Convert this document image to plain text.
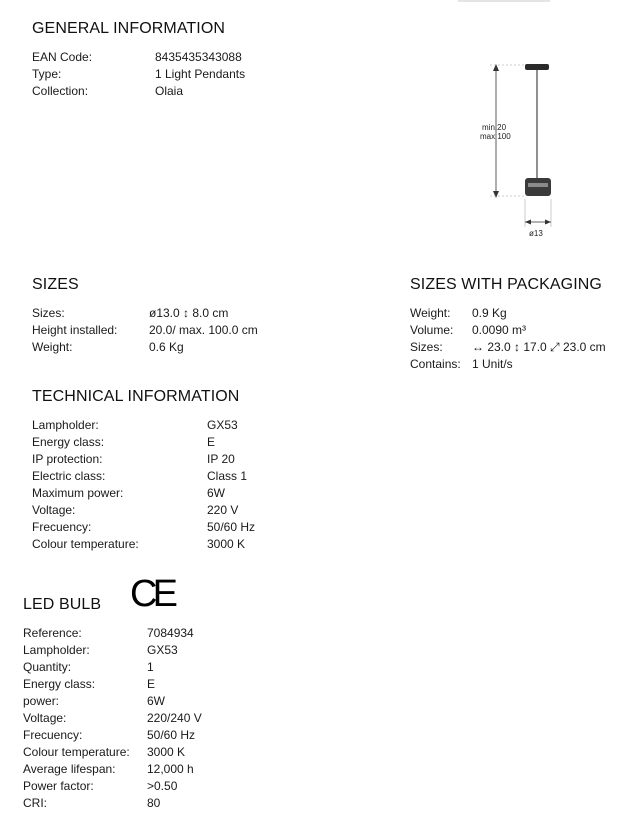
GENERAL INFORMATION
EAN Code:	8435435343088
Type:	1 Light Pendants
Collection:	Olaia
min.20
max 100
ø13
SIZES
Sizes:	ø13.0 ↕ 8.0 cm
Height installed:	20.0/ max. 100.0 cm
Weight:	0.6 Kg
SIZES WITH PACKAGING
Weight:	0.9 Kg
Volume:	0.0090 m³
Sizes:	↔ 23.0 ↕ 17.0 ⤢ 23.0 cm
Contains: 1 Unit/s
TECHNICAL INFORMATION
Lampholder:	GX53
Energy class:	E
IP protection:	IP 20
Electric class:	Class 1
Maximum power:	6W
Voltage:	220 V
Frecuency:	50/60 Hz
Colour temperature:	3000 K
CE
LED BULB
Reference:	7084934
Lampholder:	GX53
Quantity:	1
Energy class:	E
power:	6W
Voltage:	220/240 V
Frecuency:	50/60 Hz
Colour temperature:	3000 K
Average lifespan:	12,000 h
Power factor:	>0.50
CRI:	80
